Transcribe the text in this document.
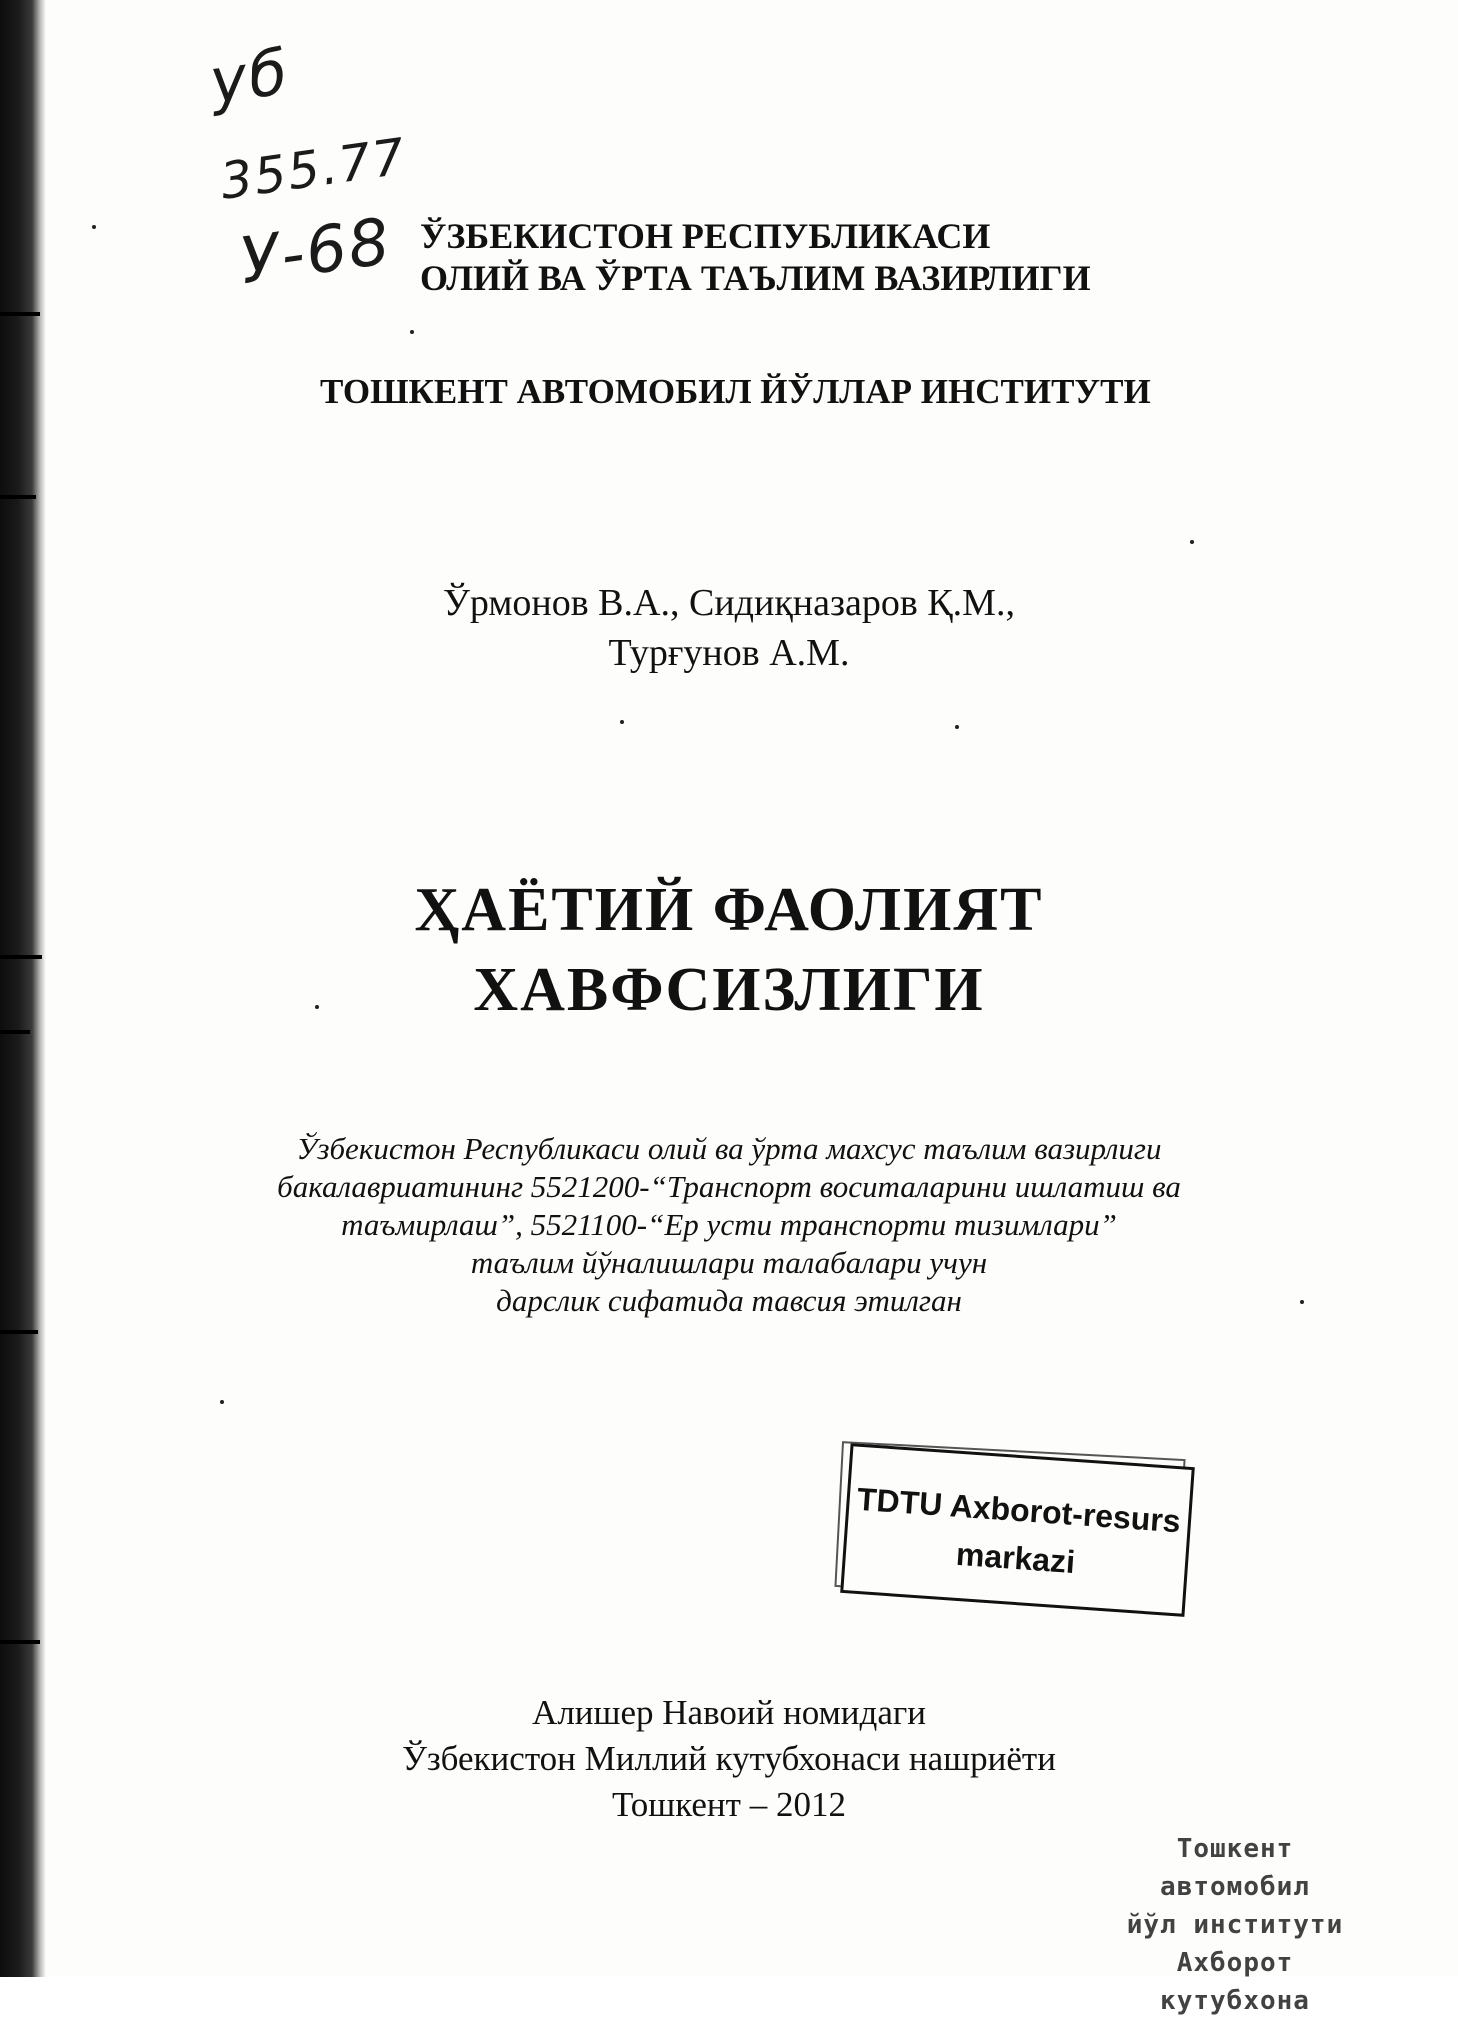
уб
355.77
У-68 ЎЗБЕКИСТОН РЕСПУБЛИКАСИ
ОЛИЙ ВА ЎРТА ТАЪЛИМ ВАЗИРЛИГИ
ТОШКЕНТ АВТОМОБИЛ ЙЎЛЛАР ИНСТИТУТИ
Ўрмонов В.А., Сидиқназаров Қ.М.,
Турғунов А.М.
ҲАЁТИЙ ФАОЛИЯТ
ХАВФСИЗЛИГИ
Ўзбекистон Республикаси олий ва ўрта махсус таълим вазирлиги
бакалавриатининг 5521200-“Транспорт воситаларини ишлатиш ва
таъмирлаш”, 5521100-“Ер усти транспорти тизимлари”
таълим йўналишлари талабалари учун
дарслик сифатида тавсия этилган
TDTU Axborot-resurs
markazi
Алишер Навоий номидаги
Ўзбекистон Миллий кутубхонаси нашриёти
Тошкент – 2012
Тошкент автомобил
йўл институти
Ахборот кутубхона
